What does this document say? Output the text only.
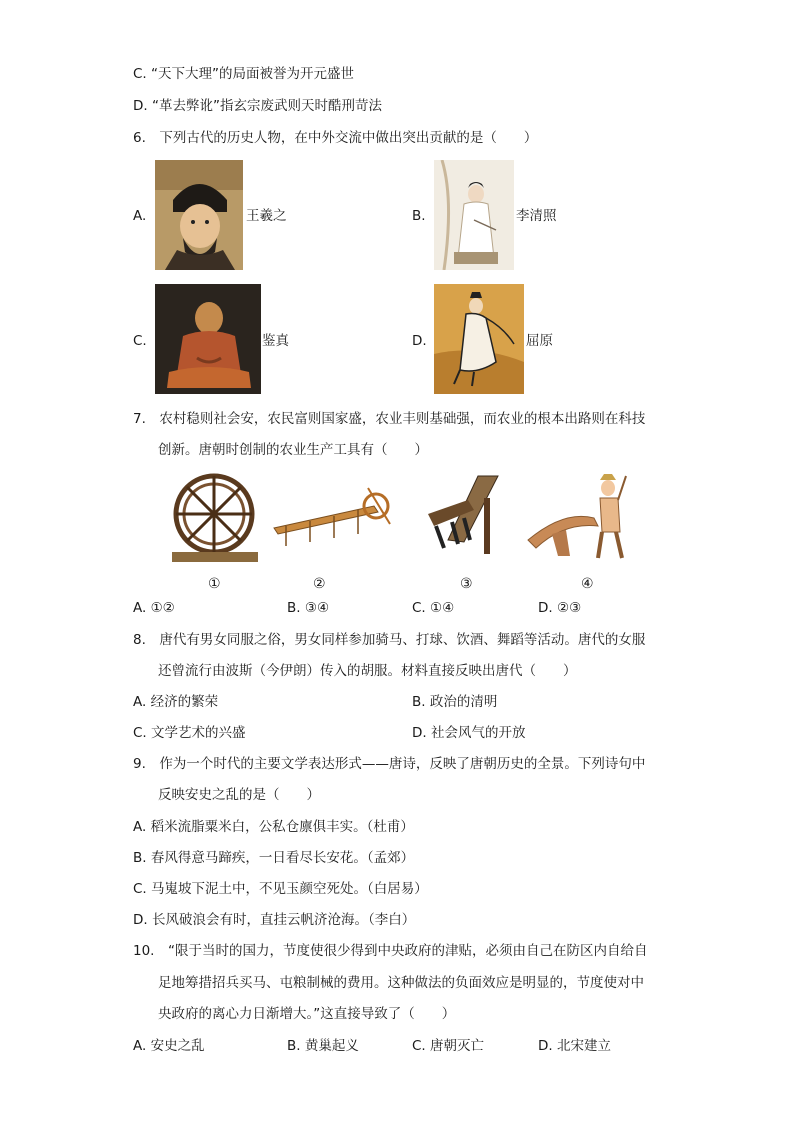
C. “天下大理”的局面被誉为开元盛世
D. “革去弊讹”指玄宗废武则天时酷刑苛法
6.　下列古代的历史人物，在中外交流中做出突出贡献的是（　　）
A.	王羲之	B.	李清照
C.	鉴真	D.	屈原
7.　农村稳则社会安，农民富则国家盛，农业丰则基础强，而农业的根本出路则在科技
创新。唐朝时创制的农业生产工具有（　　）
①	②	③	④
A. ①②	B. ③④	C. ①④	D. ②③
8.　唐代有男女同服之俗，男女同样参加骑马、打球、饮酒、舞蹈等活动。唐代的女服
还曾流行由波斯（今伊朗）传入的胡服。材料直接反映出唐代（　　）
A. 经济的繁荣	B. 政治的清明
C. 文学艺术的兴盛	D. 社会风气的开放
9.　作为一个时代的主要文学表达形式——唐诗，反映了唐朝历史的全景。下列诗句中
反映安史之乱的是（　　）
A. 稻米流脂粟米白，公私仓廪俱丰实。（杜甫）
B. 春风得意马蹄疾，一日看尽长安花。（孟郊）
C. 马嵬坡下泥土中，不见玉颜空死处。（白居易）
D. 长风破浪会有时，直挂云帆济沧海。（李白）
10.　“限于当时的国力，节度使很少得到中央政府的津贴，必须由自己在防区内自给自
足地筹措招兵买马、屯粮制械的费用。这种做法的负面效应是明显的，节度使对中
央政府的离心力日渐增大。”这直接导致了（　　）
A. 安史之乱	B. 黄巢起义	C. 唐朝灭亡	D. 北宋建立
